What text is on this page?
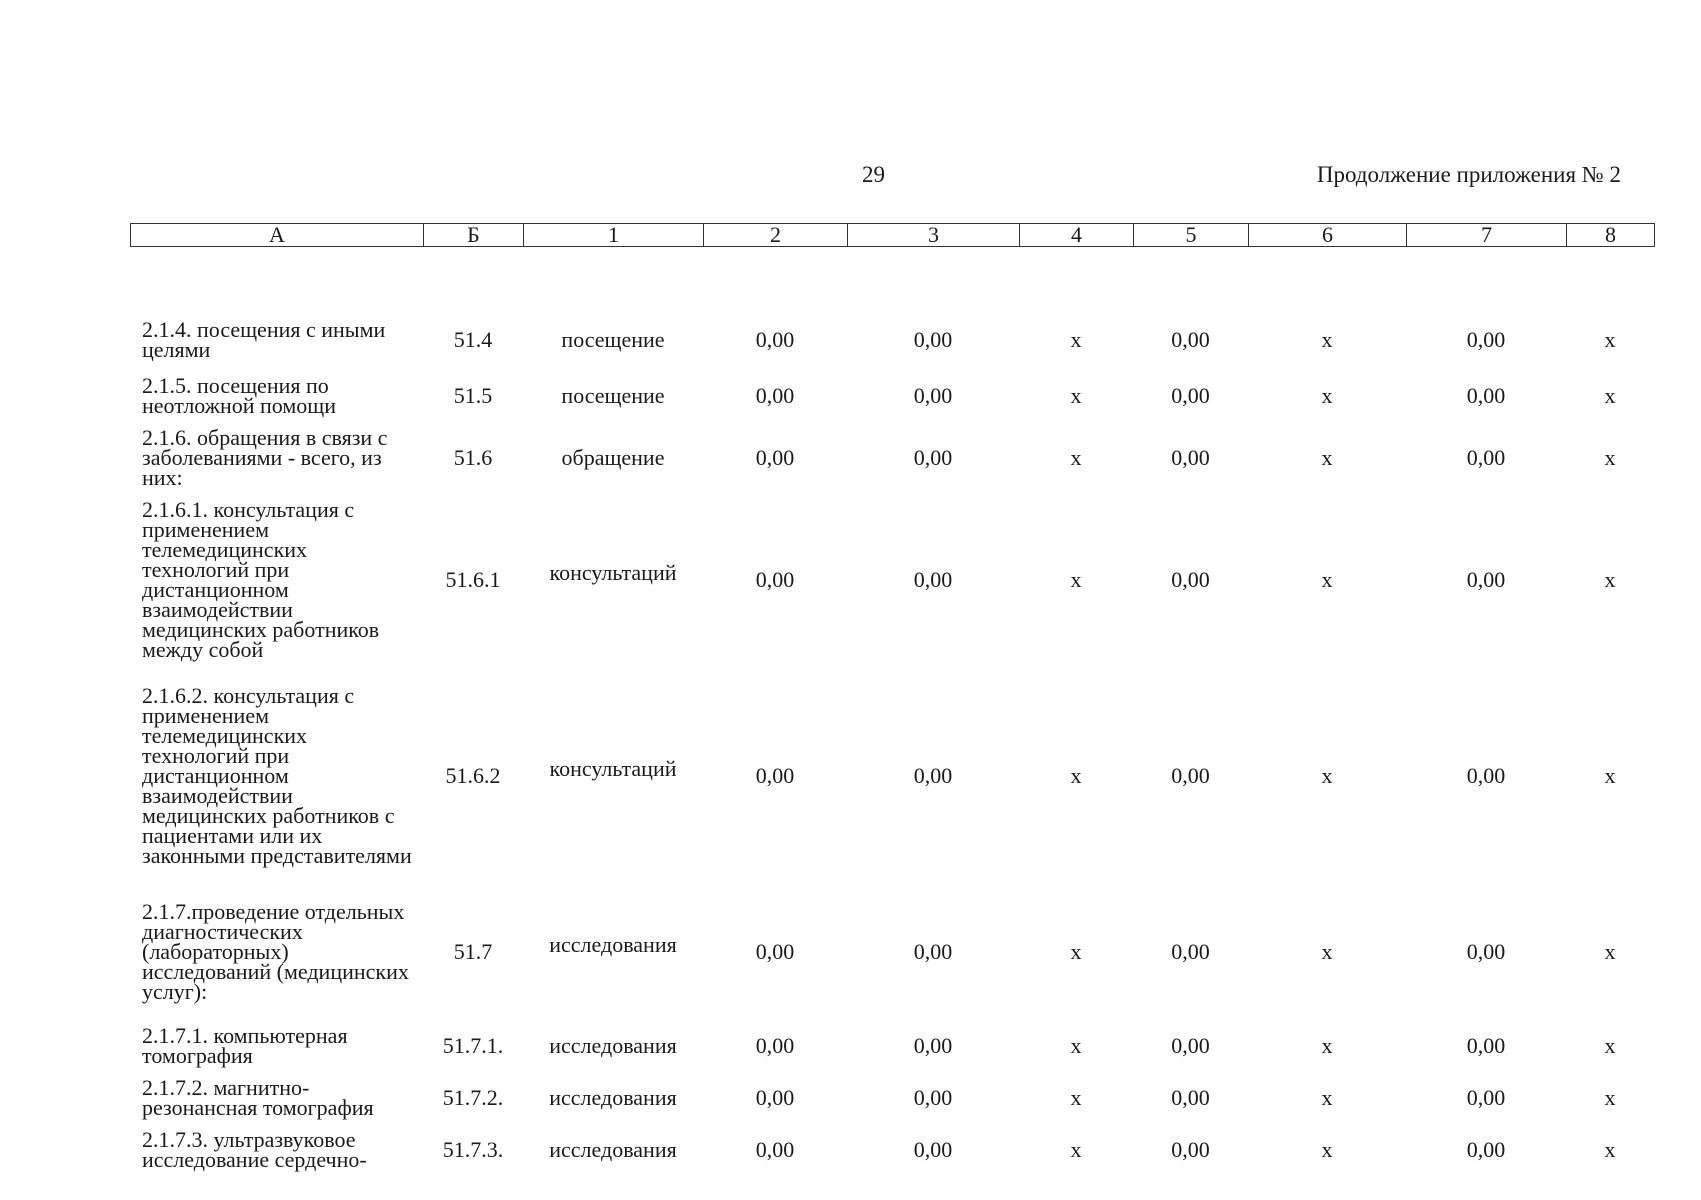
29	Продолжение приложения № 2
А	Б	1	2	3	4	5	6	7	8
2.1.4. посещения с иными целями	51.4	посещение	0,00	0,00	х	0,00	х	0,00	х
2.1.5. посещения по неотложной помощи	51.5	посещение	0,00	0,00	х	0,00	х	0,00	х
2.1.6. обращения в связи с заболеваниями - всего, из них:	51.6	обращение	0,00	0,00	х	0,00	х	0,00	х
2.1.6.1. консультация с применением телемедицинских технологий при дистанционном взаимодействии медицинских работников между собой	51.6.1	консультаций	0,00	0,00	х	0,00	х	0,00	х
2.1.6.2. консультация с применением телемедицинских технологий при дистанционном взаимодействии медицинских работников с пациентами или их законными представителями	51.6.2	консультаций	0,00	0,00	х	0,00	х	0,00	х
2.1.7.проведение отдельных диагностических (лабораторных) исследований (медицинских услуг):	51.7	исследования	0,00	0,00	х	0,00	х	0,00	х
2.1.7.1. компьютерная томография	51.7.1.	исследования	0,00	0,00	х	0,00	х	0,00	х
2.1.7.2. магнитно-резонансная томография	51.7.2.	исследования	0,00	0,00	х	0,00	х	0,00	х
2.1.7.3. ультразвуковое исследование сердечно-	51.7.3.	исследования	0,00	0,00	х	0,00	х	0,00	х
